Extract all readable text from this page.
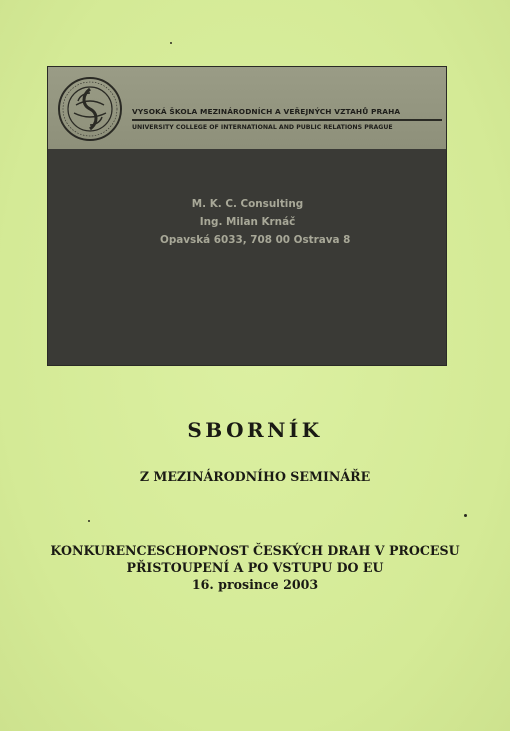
VYSOKÁ ŠKOLA MEZINÁRODNÍCH A VEŘEJNÝCH VZTAHŮ PRAHA
UNIVERSITY COLLEGE OF INTERNATIONAL AND PUBLIC RELATIONS PRAGUE
M. K. C. Consulting
Ing. Milan Krnáč
Opavská 6033, 708 00 Ostrava 8
SBORNÍK
Z MEZINÁRODNÍHO SEMINÁŘE
KONKURENCESCHOPNOST ČESKÝCH DRAH V PROCESU
PŘISTOUPENÍ A PO VSTUPU DO EU
16. prosince 2003
